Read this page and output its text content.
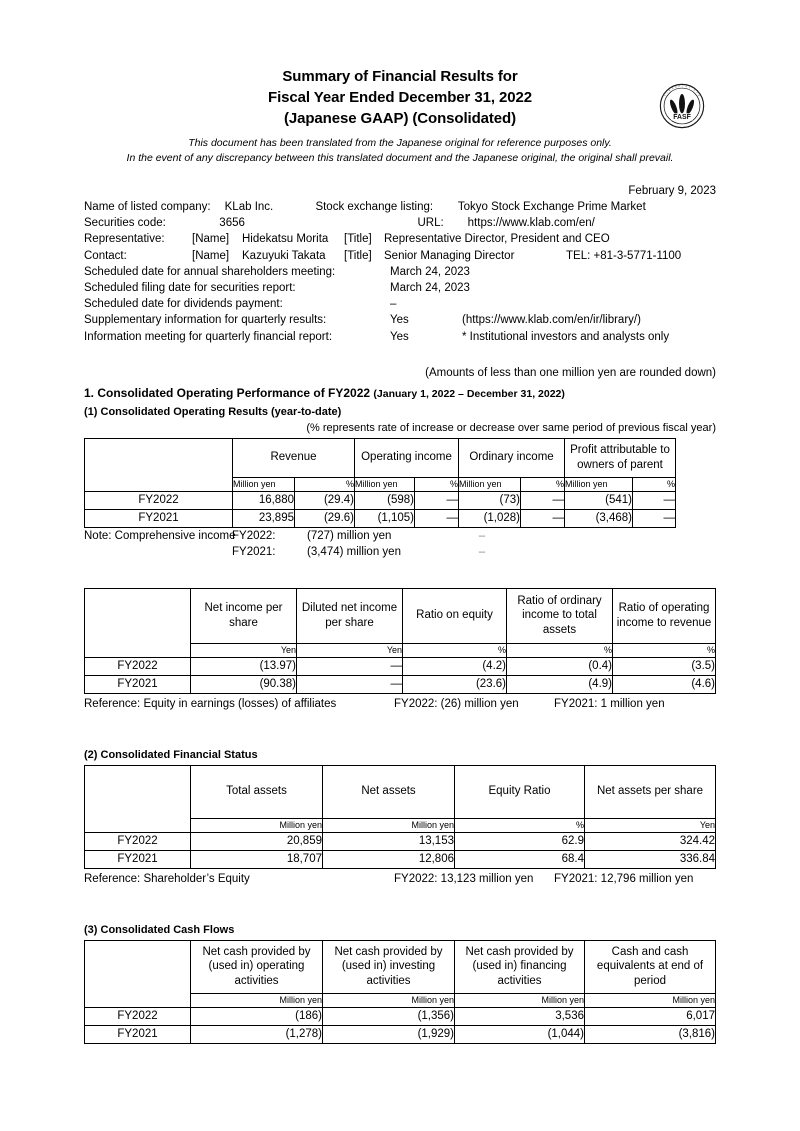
FASF
F
I
N
A
N C I A L
S
T
D
Summary of Financial Results for
Fiscal Year Ended December 31, 2022
(Japanese GAAP) (Consolidated)
This document has been translated from the Japanese original for reference purposes only.
In the event of any discrepancy between this translated document and the Japanese original, the original shall prevail.
February 9, 2023
Name of listed company:	KLab Inc.	Stock exchange listing:	Tokyo Stock Exchange Prime Market
Securities code:	3656	URL:	https://www.klab.com/en/
Representative:	[Name]	Hidekatsu Morita	[Title]	Representative Director, President and CEO
Contact:	[Name]	Kazuyuki Takata	[Title]	Senior Managing Director	TEL: +81-3-5771-1100
Scheduled date for annual shareholders meeting:	March 24, 2023
Scheduled filing date for securities report:	March 24, 2023
Scheduled date for dividends payment:	–
Supplementary information for quarterly results:	Yes	(https://www.klab.com/en/ir/library/)
Information meeting for quarterly financial report:	Yes	* Institutional investors and analysts only
(Amounts of less than one million yen are rounded down)
1. Consolidated Operating Performance of FY2022 (January 1, 2022 – December 31, 2022)
(1) Consolidated Operating Results (year-to-date)
(% represents rate of increase or decrease over same period of previous fiscal year)
	Revenue		Operating income		Ordinary income		Profit attributable to owners of parent	
	Million yen	%	Million yen	%	Million yen	%	Million yen	%
FY2022	16,880	(29.4)	(598)	—	(73)	—	(541)	—
FY2021	23,895	(29.6)	(1,105)	—	(1,028)	—	(3,468)	—
Note: Comprehensive income
FY2022:	(727) million yen	–
FY2021:	(3,474) million yen	–
	Net income per share	Diluted net income per share	Ratio on equity	Ratio of ordinary income to total assets	Ratio of operating income to revenue
	Yen	Yen	%	%	%
FY2022	(13.97)	—	(4.2)	(0.4)	(3.5)
FY2021	(90.38)	—	(23.6)	(4.9)	(4.6)
Reference: Equity in earnings (losses) of affiliates	FY2022: (26) million yen	FY2021: 1 million yen
(2) Consolidated Financial Status
	Total assets	Net assets	Equity Ratio	Net assets per share
	Million yen	Million yen	%	Yen
FY2022	20,859	13,153	62.9	324.42
FY2021	18,707	12,806	68.4	336.84
Reference: Shareholder’s Equity	FY2022: 13,123 million yen	FY2021: 12,796 million yen
(3) Consolidated Cash Flows
	Net cash provided by (used in) operating activities	Net cash provided by (used in) investing activities	Net cash provided by (used in) financing activities	Cash and cash equivalents at end of period
	Million yen	Million yen	Million yen	Million yen
FY2022	(186)	(1,356)	3,536	6,017
FY2021	(1,278)	(1,929)	(1,044)	(3,816)
